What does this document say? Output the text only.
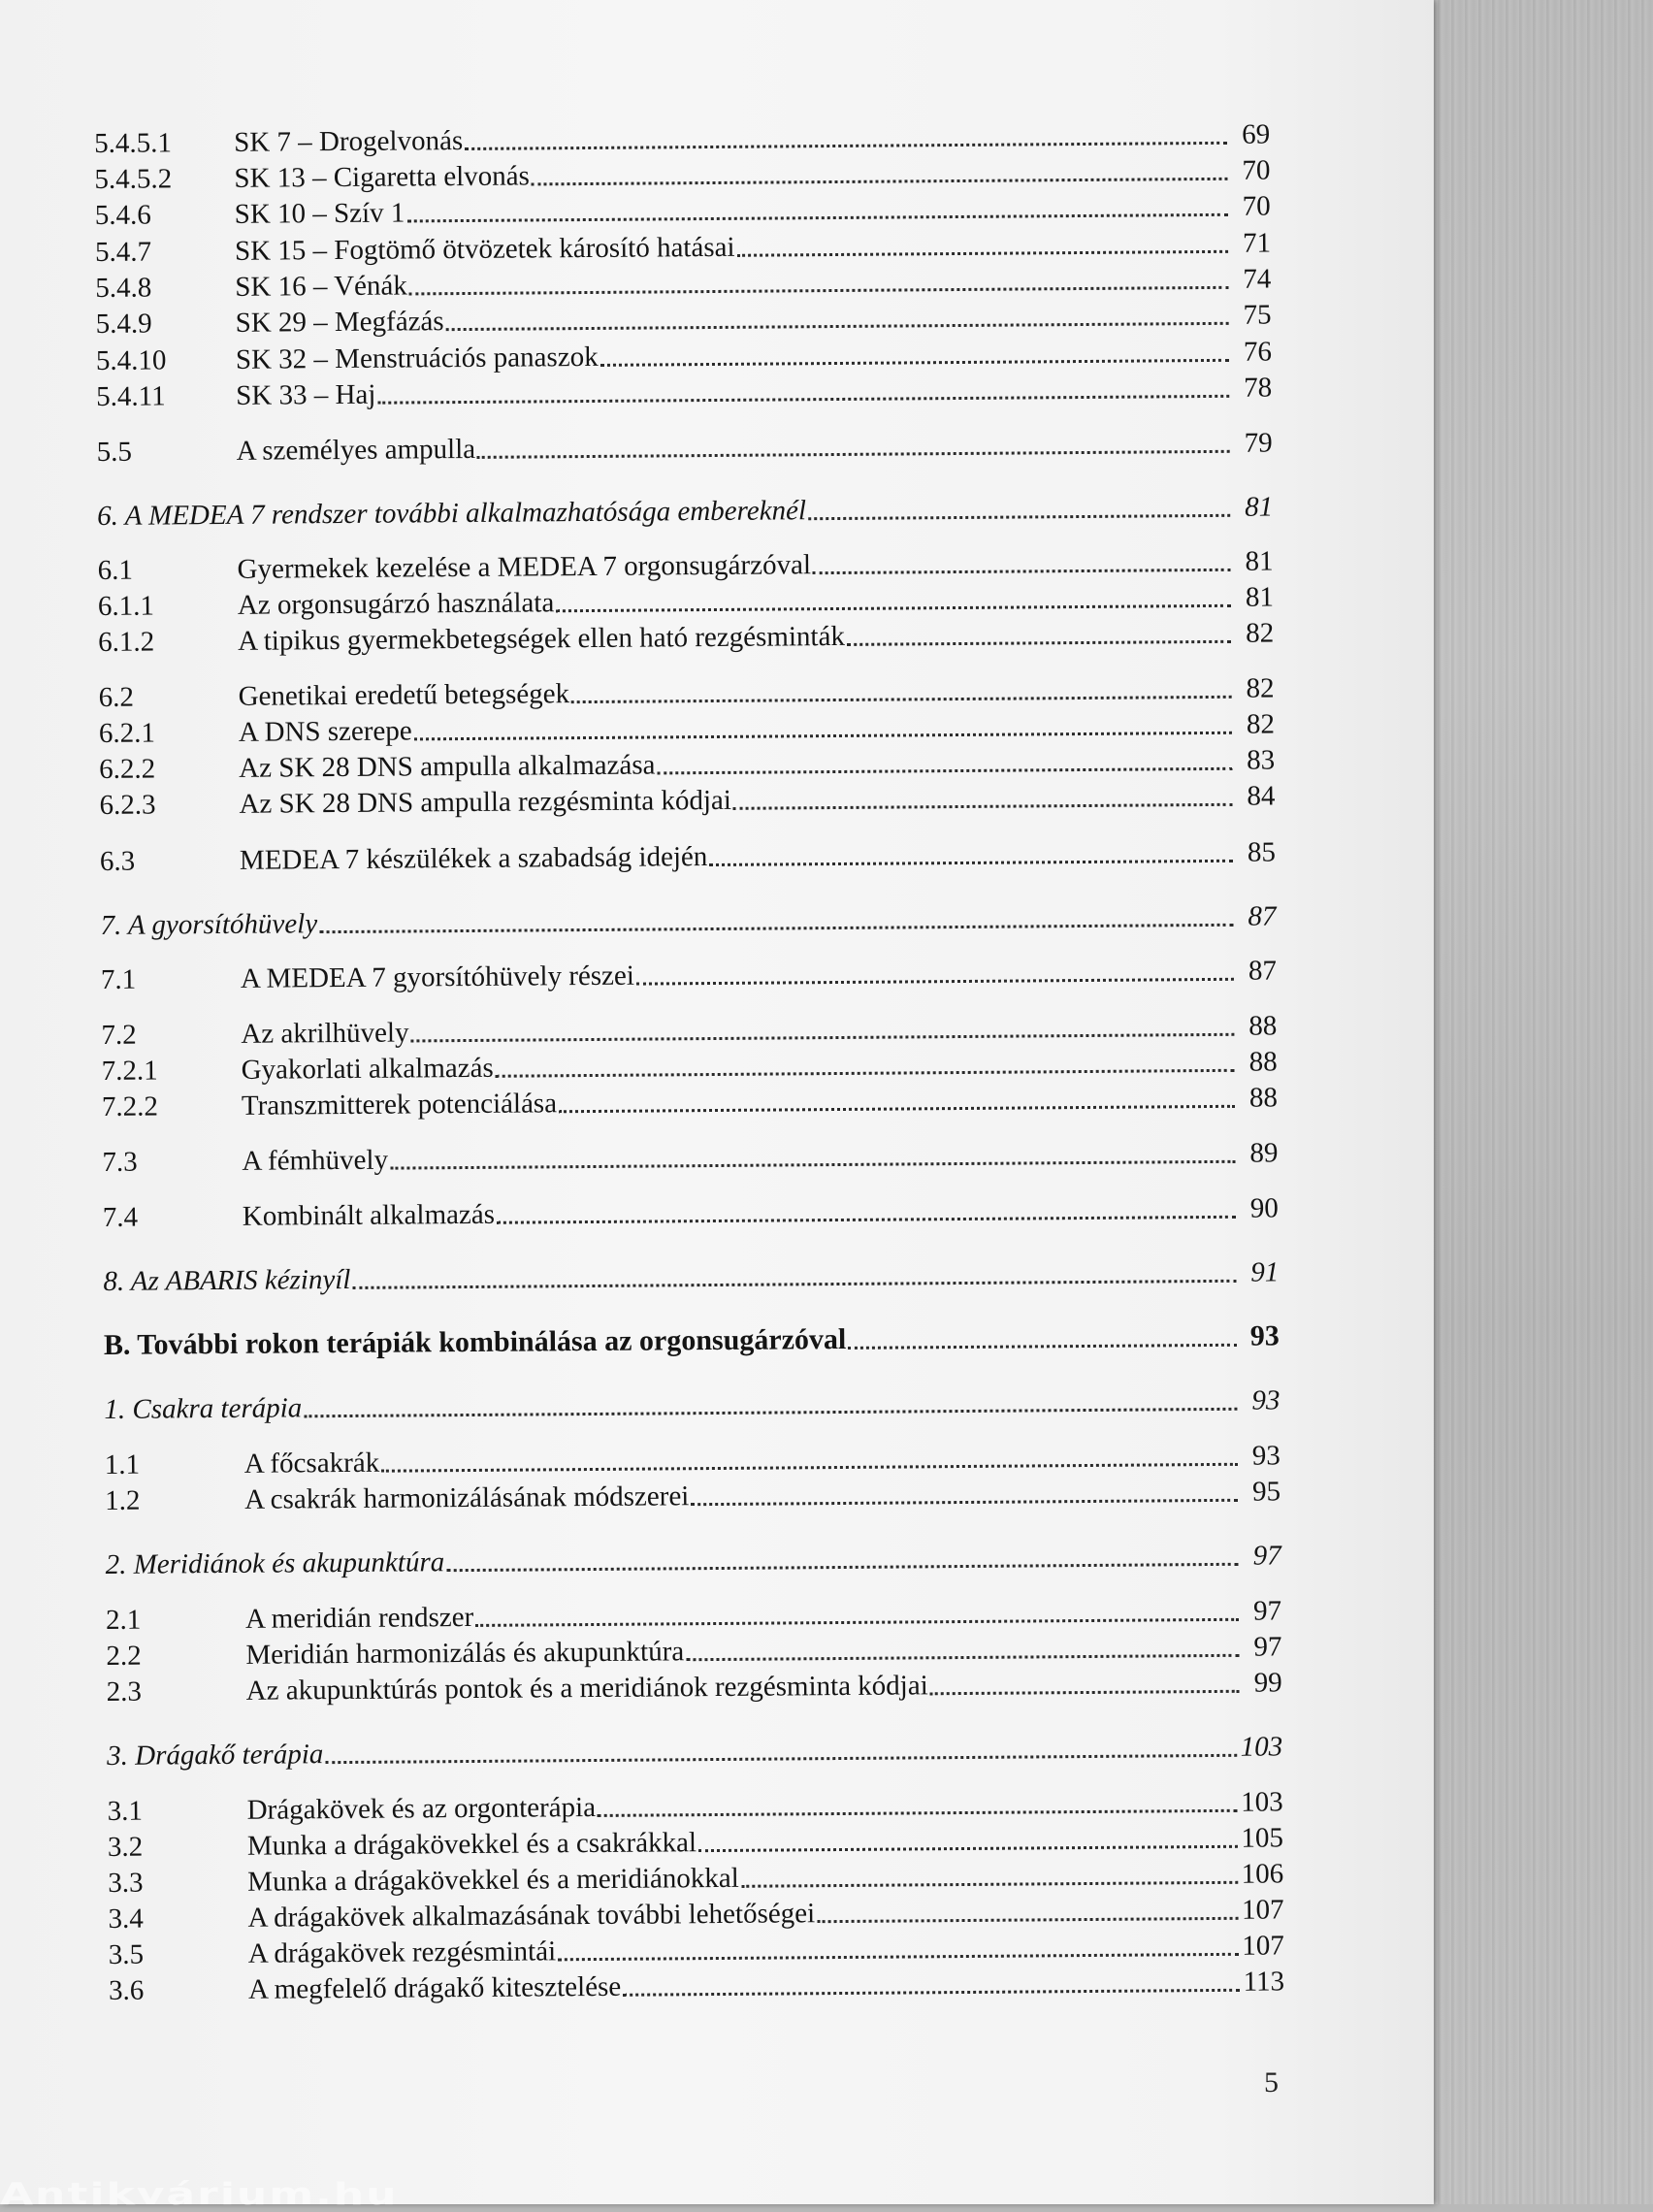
5.4.5.1	SK 7 – Drogelvonás	69
5.4.5.2	SK 13 – Cigaretta elvonás	70
5.4.6	SK 10 – Szív 1	70
5.4.7	SK 15 – Fogtömő ötvözetek károsító hatásai	71
5.4.8	SK 16 – Vénák	74
5.4.9	SK 29 – Megfázás	75
5.4.10	SK 32 – Menstruációs panaszok	76
5.4.11	SK 33 – Haj	78
5.5	A személyes ampulla	79
6. A MEDEA 7 rendszer további alkalmazhatósága embereknél	81
6.1	Gyermekek kezelése a MEDEA 7 orgonsugárzóval	81
6.1.1	Az orgonsugárzó használata	81
6.1.2	A tipikus gyermekbetegségek ellen ható rezgésminták	82
6.2	Genetikai eredetű betegségek	82
6.2.1	A DNS szerepe	82
6.2.2	Az SK 28 DNS ampulla alkalmazása	83
6.2.3	Az SK 28 DNS ampulla rezgésminta kódjai	84
6.3	MEDEA 7 készülékek a szabadság idején	85
7. A gyorsítóhüvely	87
7.1	A MEDEA 7 gyorsítóhüvely részei	87
7.2	Az akrilhüvely	88
7.2.1	Gyakorlati alkalmazás	88
7.2.2	Transzmitterek potenciálása	88
7.3	A fémhüvely	89
7.4	Kombinált alkalmazás	90
8. Az ABARIS kézinyíl	91
B. További rokon terápiák kombinálása az orgonsugárzóval	93
1. Csakra terápia	93
1.1	A főcsakrák	93
1.2	A csakrák harmonizálásának módszerei	95
2. Meridiánok és akupunktúra	97
2.1	A meridián rendszer	97
2.2	Meridián harmonizálás és akupunktúra	97
2.3	Az akupunktúrás pontok és a meridiánok rezgésminta kódjai	99
3. Drágakő terápia	103
3.1	Drágakövek és az orgonterápia	103
3.2	Munka a drágakövekkel és a csakrákkal	105
3.3	Munka a drágakövekkel és a meridiánokkal	106
3.4	A drágakövek alkalmazásának további lehetőségei	107
3.5	A drágakövek rezgésmintái	107
3.6	A megfelelő drágakő kitesztelése	113
5
Antikvárium.hu
